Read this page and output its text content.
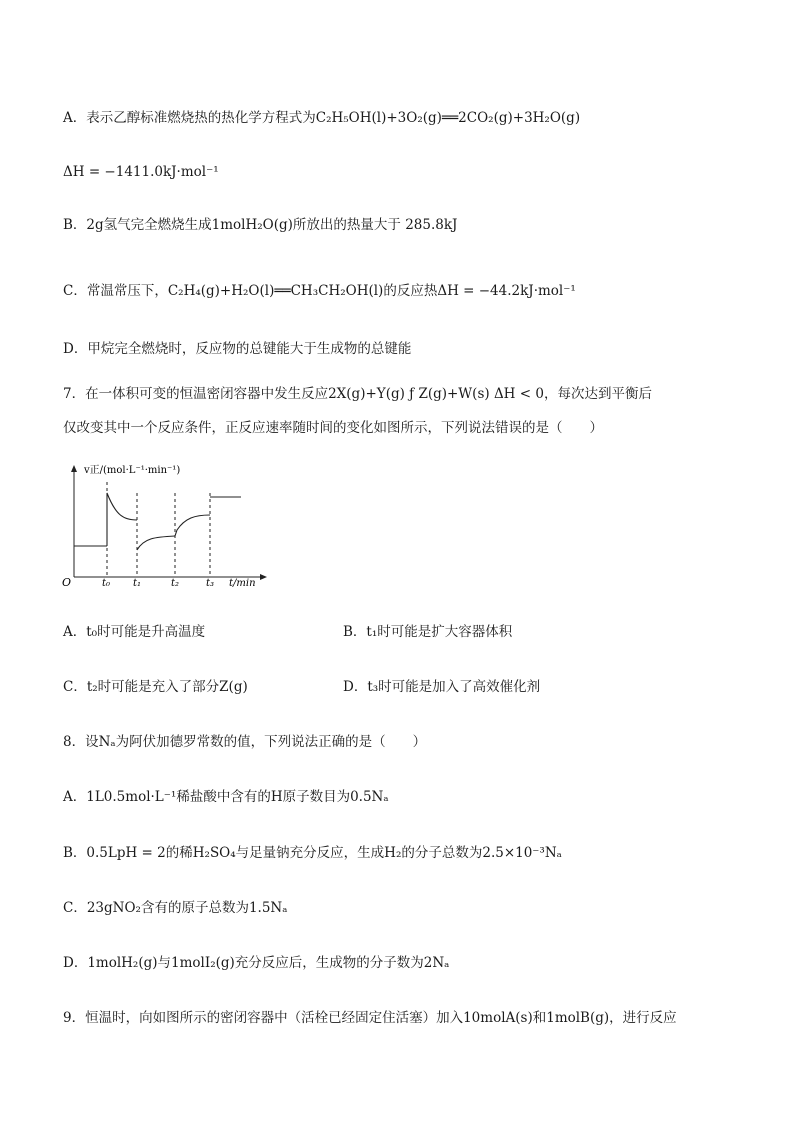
A．表示乙醇标准燃烧热的热化学方程式为C₂H₅OH(l)+3O₂(g)══2CO₂(g)+3H₂O(g)
ΔH = −1411.0kJ·mol⁻¹
B．2g氢气完全燃烧生成1molH₂O(g)所放出的热量大于 285.8kJ
C．常温常压下，C₂H₄(g)+H₂O(l)══CH₃CH₂OH(l)的反应热ΔH = −44.2kJ·mol⁻¹
D．甲烷完全燃烧时，反应物的总键能大于生成物的总键能
7．在一体积可变的恒温密闭容器中发生反应2X(g)+Y(g) ƒ Z(g)+W(s) ΔH < 0，每次达到平衡后
仅改变其中一个反应条件，正反应速率随时间的变化如图所示，下列说法错误的是（　　）
v正/(mol·L⁻¹·min⁻¹)
O	t₀ t₁	t₂	t₃ t/min
A．t₀时可能是升高温度	B．t₁时可能是扩大容器体积
C．t₂时可能是充入了部分Z(g)	D．t₃时可能是加入了高效催化剂
8．设Nₐ为阿伏加德罗常数的值，下列说法正确的是（　　）
A．1L0.5mol·L⁻¹稀盐酸中含有的H原子数目为0.5Nₐ
B．0.5LpH = 2的稀H₂SO₄与足量钠充分反应，生成H₂的分子总数为2.5×10⁻³Nₐ
C．23gNO₂含有的原子总数为1.5Nₐ
D．1molH₂(g)与1molI₂(g)充分反应后，生成物的分子数为2Nₐ
9．恒温时，向如图所示的密闭容器中（活栓已经固定住活塞）加入10molA(s)和1molB(g)，进行反应
